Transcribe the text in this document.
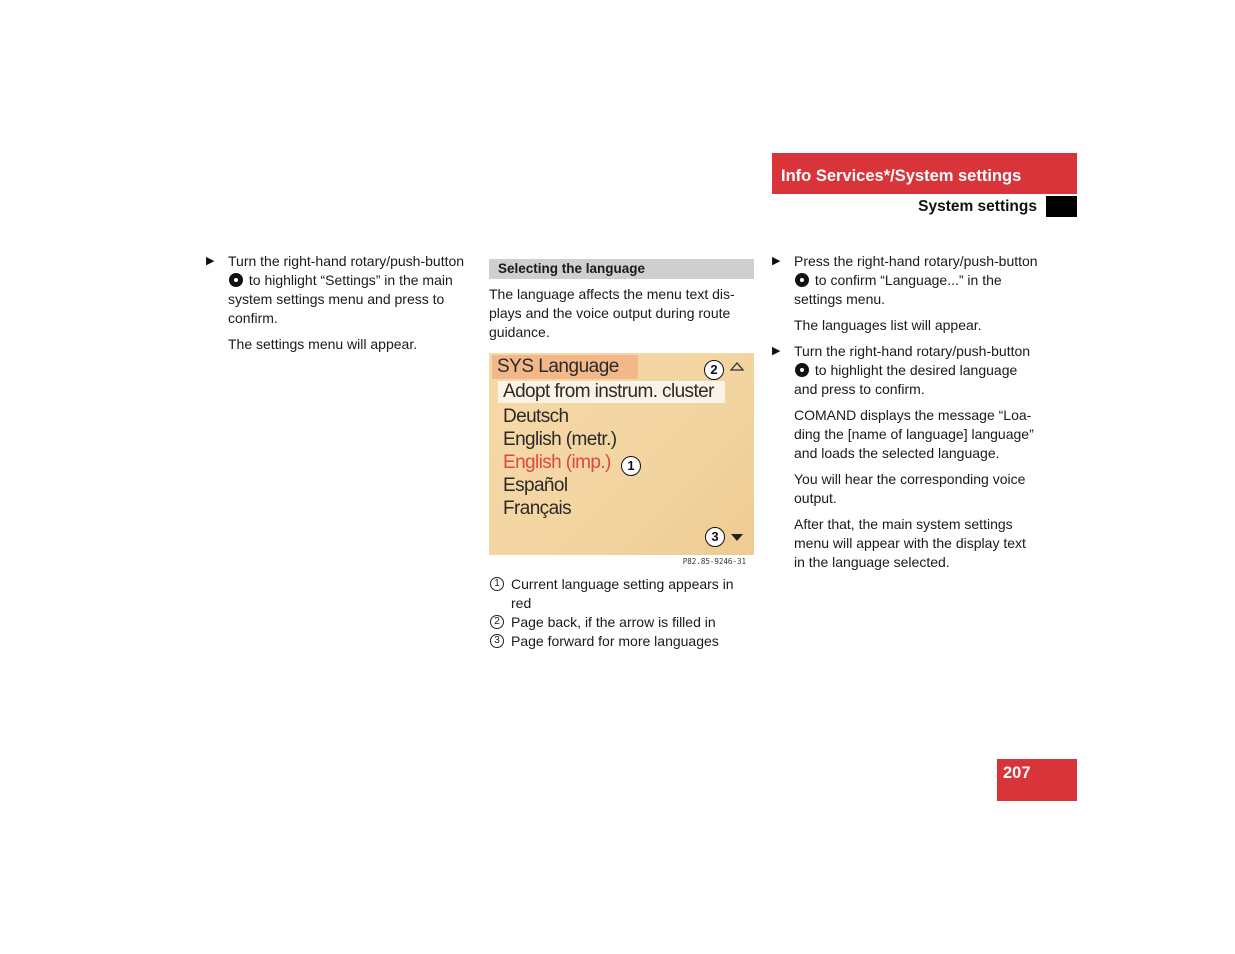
Info Services*/System settings
System settings
▶ Turn the right-hand rotary/push-button
to highlight “Settings” in the main system settings menu and press to confirm.

The settings menu will appear.

Selecting the language

The language affects the menu text dis-plays and the voice output during route guidance.

SYS Language
Adopt from instrum. cluster
Deutsch
English (metr.)
English (imp.)
Español
Français
2
1
3
P82.85-9246-31
1 Current language setting appears in red
2 Page back, if the arrow is filled in
3 Page forward for more languages
▶ Press the right-hand rotary/push-button  to confirm “Language...” in the settings menu.

The languages list will appear.

▶ Turn the right-hand rotary/push-button
to highlight the desired language and press to confirm.

COMAND displays the message “Loa-ding the [name of language] language” and loads the selected language.

You will hear the corresponding voice output.

After that, the main system settings menu will appear with the display text in the language selected.

207
